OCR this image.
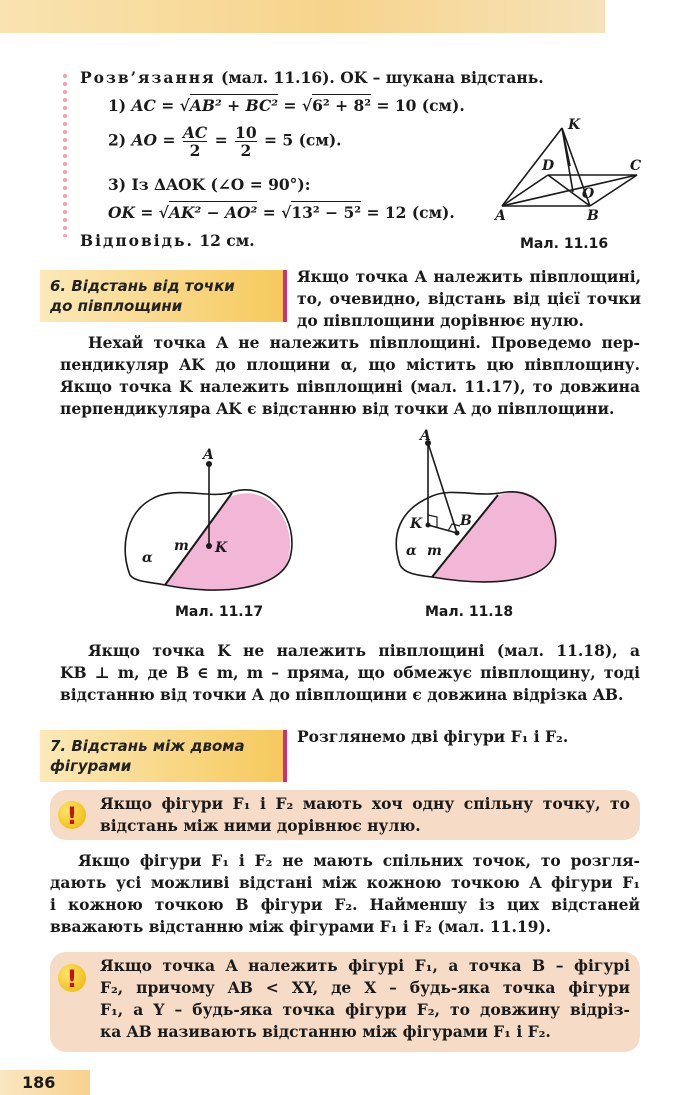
Розв’язання (мал. 11.16). OK – шукана відстань.
1) AC = √AB² + BC² = √6² + 8² = 10 (см).
2) AO = $\frac{AC}{2} = \frac{10}{2} = 5$ (см).
3) Із ΔAOK (∠O = 90°):
OK = √AK² − AO² = √13² − 5² = 12 (см).
Відповідь. 12 см.
K
D	C
O
A	B
Мал. 11.16
6. Відстань від точки
до півплощини

Якщо точка A належить півплощині,

то, очевидно, відстань від цієї точки

до півплощини дорівнює нулю.

Нехай точка A не належить півплощині. Проведемо пер-

пендикуляр AK до площини α, що містить цю півплощину.

Якщо точка K належить півплощині (мал. 11.17), то довжина

перпендикуляра AK є відстанню від точки A до півплощини.

A
K
m
α
Мал. 11.17
A
K	B
α m
Мал. 11.18

Якщо точка K не належить півплощині (мал. 11.18), а

KB ⊥ m, де B ∈ m, m – пряма, що обмежує півплощину, тоді

відстанню від точки A до півплощини є довжина відрізка AB.

7. Відстань між двома
фігурами
Розглянемо дві фігури F₁ і F₂.
!	Якщо фігури F₁ і F₂ мають хоч одну спільну точку, то

відстань між ними дорівнює нулю.

Якщо фігури F₁ і F₂ не мають спільних точок, то розгля-

дають усі можливі відстані між кожною точкою A фігури F₁

і кожною точкою B фігури F₂. Найменшу із цих відстаней

вважають відстанню між фігурами F₁ і F₂ (мал. 11.19).

!	Якщо точка A належить фігурі F₁, а точка B – фігурі

F₂, причому AB < XY, де X – будь-яка точка фігури

F₁, а Y – будь-яка точка фігури F₂, то довжину відріз-

ка AB називають відстанню між фігурами F₁ і F₂.

186
